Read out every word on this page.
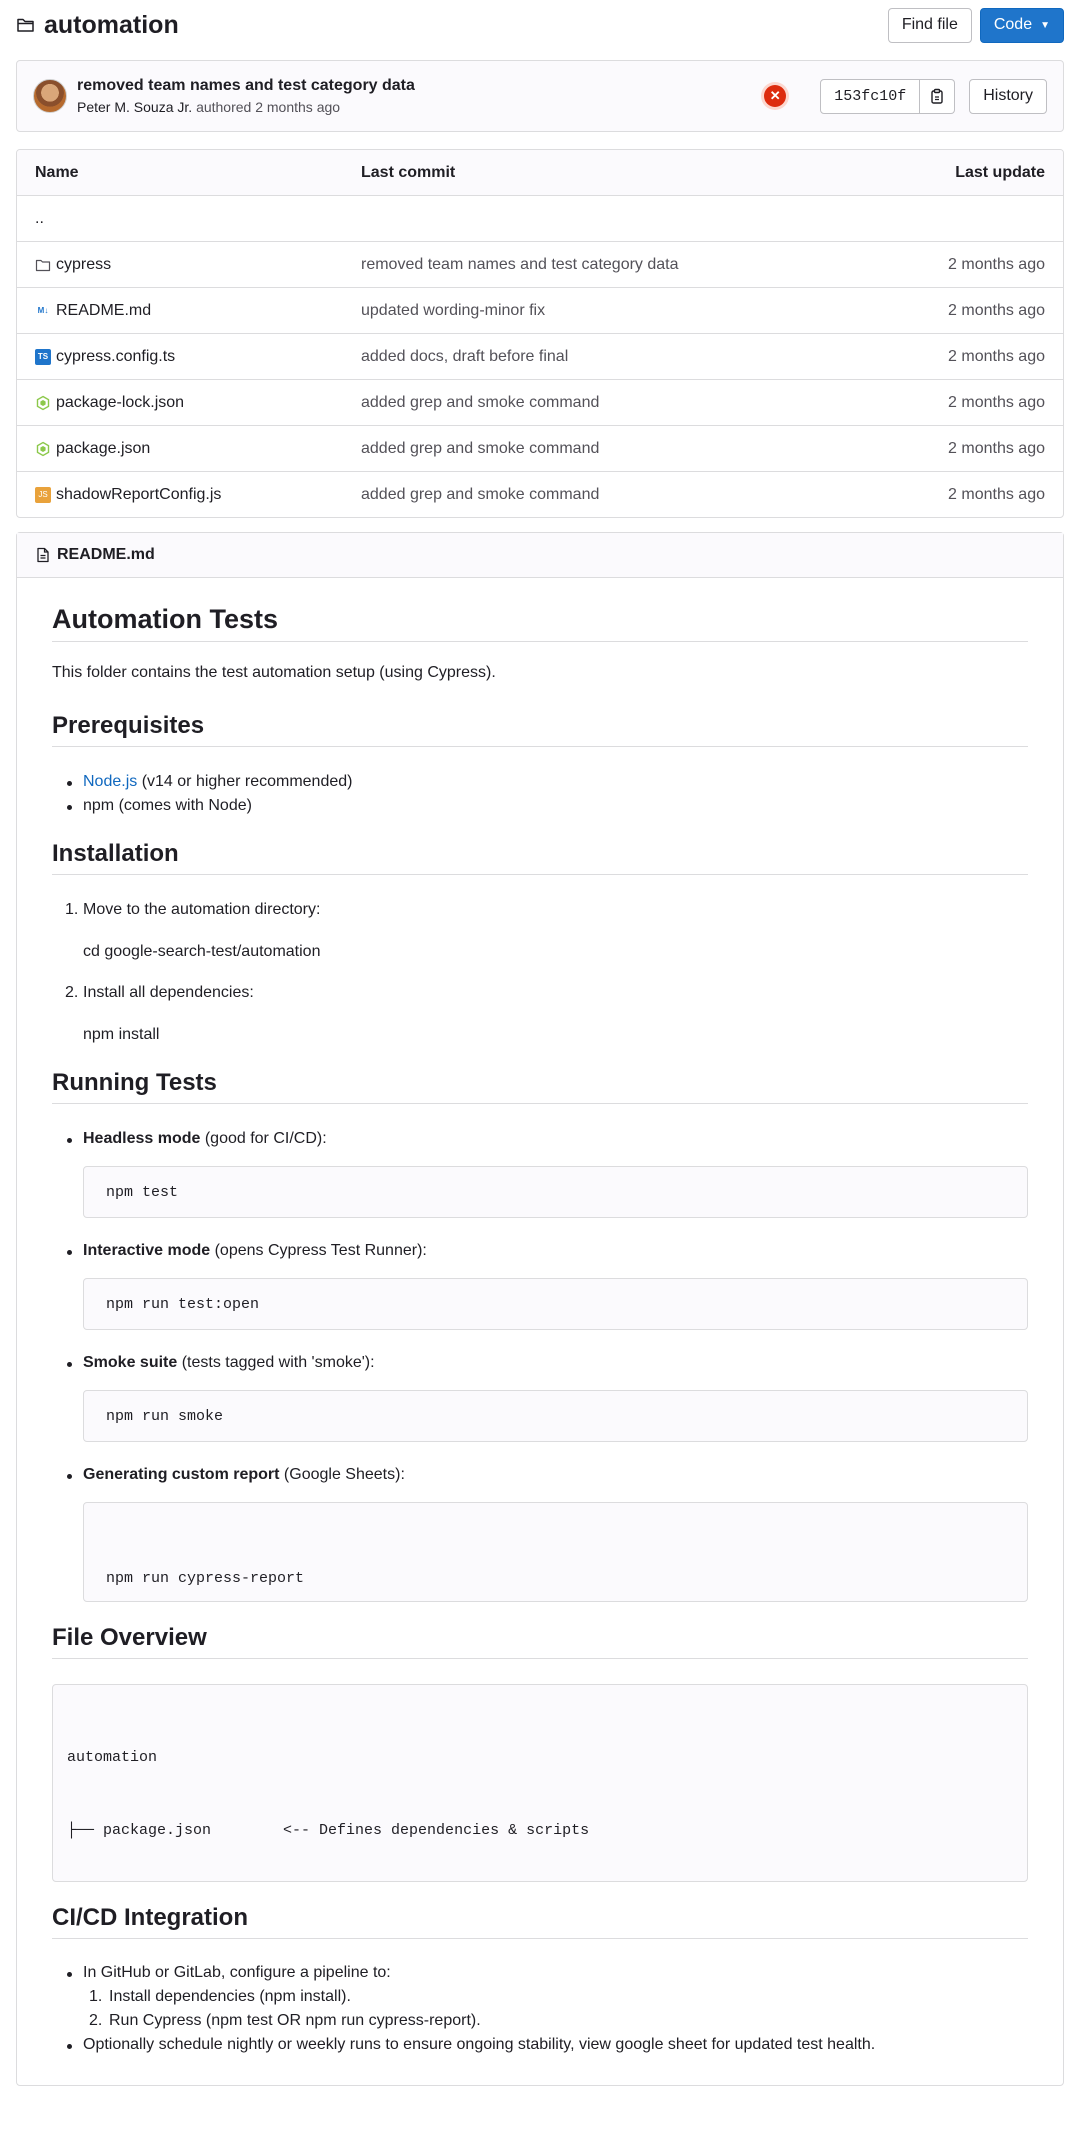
automation	Find file	Code ▼
removed team names and test category data
Peter M. Souza Jr. authored 2 months ago
✕	153fc10f	History
Name	Last commit	Last update
..
cypress	removed team names and test category data	2 months ago
M↓ README.md	updated wording-minor fix	2 months ago
TS cypress.config.ts	added docs, draft before final	2 months ago
package-lock.json	added grep and smoke command	2 months ago
package.json	added grep and smoke command	2 months ago
JS shadowReportConfig.js	added grep and smoke command	2 months ago
README.md
Automation Tests
This folder contains the test automation setup (using Cypress).
Prerequisites
Node.js (v14 or higher recommended)
npm (comes with Node)
Installation
1. Move to the automation directory:
cd google-search-test/automation
2. Install all dependencies:
npm install
Running Tests
Headless mode (good for CI/CD):
npm test
Interactive mode (opens Cypress Test Runner):
npm run test:open
Smoke suite (tests tagged with 'smoke'):
npm run smoke
Generating custom report (Google Sheets):

npm run cypress-report

File Overview

automation

├── package.json        <-- Defines dependencies & scripts

CI/CD Integration
In GitHub or GitLab, configure a pipeline to:
1. Install dependencies (npm install).
2. Run Cypress (npm test OR npm run cypress-report).
Optionally schedule nightly or weekly runs to ensure ongoing stability, view google sheet for updated test health.
